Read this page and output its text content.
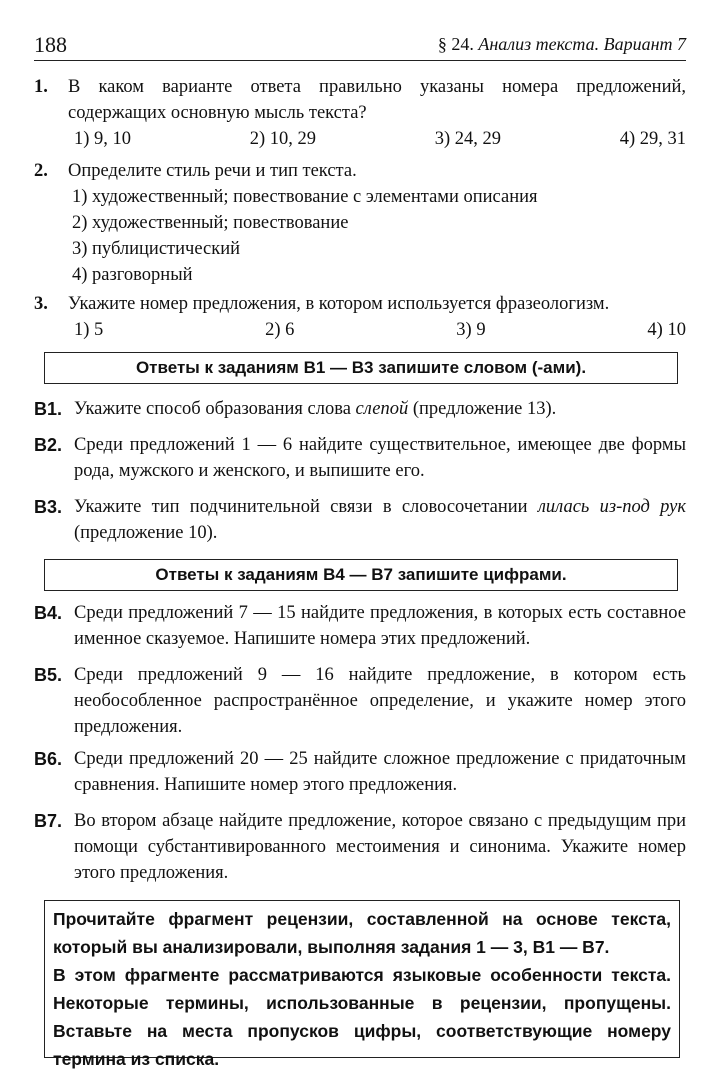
188	§ 24. Анализ текста. Вариант 7
1. В каком варианте ответа правильно указаны номера предложений, содержащих основную мысль текста?
1) 9, 10	2) 10, 29	3) 24, 29	4) 29, 31
2. Определите стиль речи и тип текста.
1) художественный; повествование с элементами описания
2) художественный; повествование
3) публицистический
4) разговорный
3. Укажите номер предложения, в котором используется фразеологизм.
1) 5	2) 6	3) 9	4) 10
Ответы к заданиям В1 — В3 запишите словом (-ами).
В1. Укажите способ образования слова слепой (предложение 13).
В2. Среди предложений 1 — 6 найдите существительное, имеющее две формы рода, мужского и женского, и выпишите его.
В3. Укажите тип подчинительной связи в словосочетании лилась из-под рук (предложение 10).
Ответы к заданиям В4 — В7 запишите цифрами.
В4. Среди предложений 7 — 15 найдите предложения, в которых есть составное именное сказуемое. Напишите номера этих предложений.
В5. Среди предложений 9 — 16 найдите предложение, в котором есть необособленное распространённое определение, и укажите номер этого предложения.
В6. Среди предложений 20 — 25 найдите сложное предложение с придаточным сравнения. Напишите номер этого предложения.
В7. Во втором абзаце найдите предложение, которое связано с предыдущим при помощи субстантивированного местоимения и синонима. Укажите номер этого предложения.
Прочитайте фрагмент рецензии, составленной на основе текста, который вы анализировали, выполняя задания 1 — 3, В1 — В7.
В этом фрагменте рассматриваются языковые особенности текста. Некоторые термины, использованные в рецензии, пропущены. Вставьте на места пропусков цифры, соответствующие номеру термина из списка.
